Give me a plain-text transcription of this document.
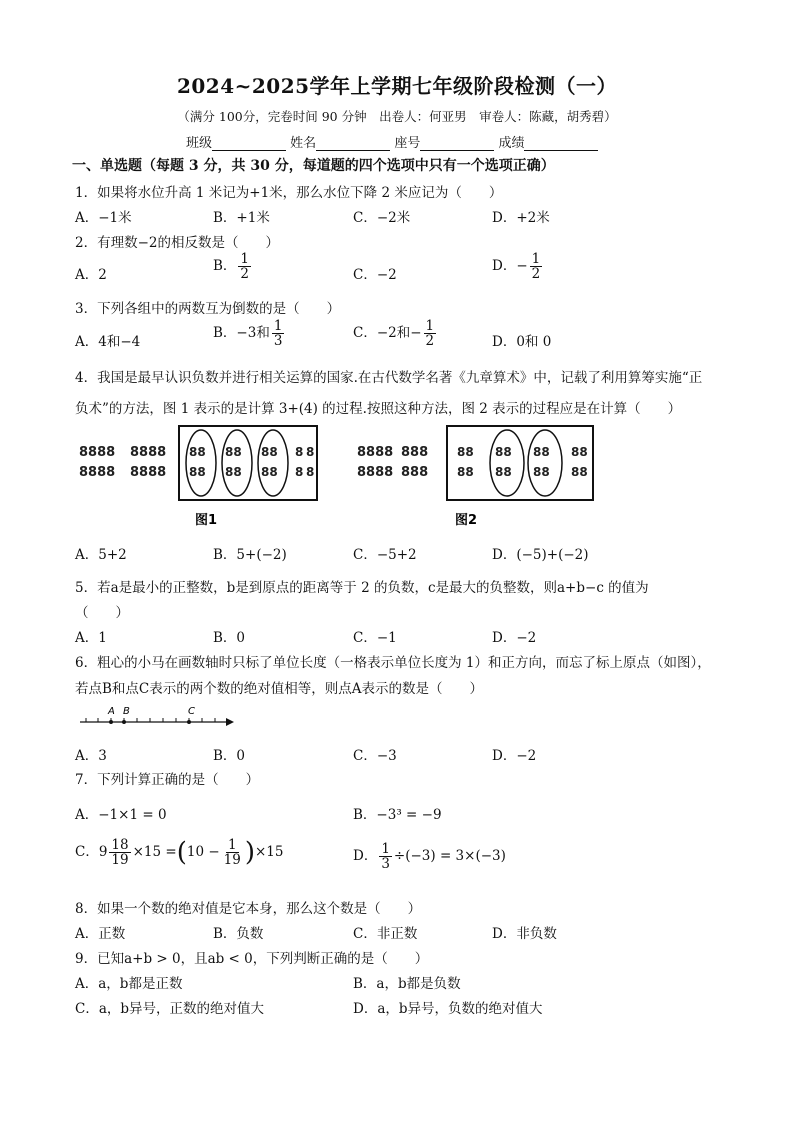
2024~2025学年上学期七年级阶段检测（一）
（满分 100分，完卷时间 90 分钟　出卷人：何亚男　审卷人：陈藏，胡秀碧）
班级	姓名	座号	成绩
一、单选题（每题 3 分，共 30 分，每道题的四个选项中只有一个选项正确）
1．如果将水位升高 1 米记为+1米，那么水位下降 2 米应记为（　　）
A．−1米	B．+1米	C．−2米	D．+2米
2．有理数−2的相反数是（　　）
A．2
B． $\frac{1}{2}$	C．−2
D．− $\frac{1}{2}$
3．下列各组中的两数互为倒数的是（　　）
A．4和−4
B．−3和 $\frac{1}{3}$	C．−2和− $\frac{1}{2}$	D．0和 0
4．我国是最早认识负数并进行相关运算的国家.在古代数学名著《九章算术》中，记载了利用算筹实施“正
负术”的方法，图 1 表示的是计算 3+(4) 的过程.按照这种方法，图 2 表示的过程应是在计算（　　）
8888
8888
8888
8888
88
88
88
88
88
88
8
8
8
8
图1
8888
8888
888
888
88
88
88
88
88
88
88
88
图2
A．5+2	B．5+(−2)	C．−5+2	D．(−5)+(−2)
5．若a是最小的正整数，b是到原点的距离等于 2 的负数，c是最大的负整数，则a+b−c 的值为
（　　）
A．1	B．0	C．−1	D．−2
6．粗心的小马在画数轴时只标了单位长度（一格表示单位长度为 1）和正方向，而忘了标上原点（如图），
若点B和点C表示的两个数的绝对值相等，则点A表示的数是（　　）
A B	C
A．3	B．0	C．−3	D．−2
7．下列计算正确的是（　　）
A．−1×1 = 0	B．−3³ = −9
C．$9 \frac{18}{19} \times 15 =(10 - \frac{1}{19} )\times 15$	D． $\frac{1}{3} \div(-3) = 3\times(-3)$
8．如果一个数的绝对值是它本身，那么这个数是（　　）
A．正数	B．负数	C．非正数	D．非负数
9．已知a+b > 0，且ab < 0，下列判断正确的是（　　）
A．a，b都是正数	B．a，b都是负数
C．a，b异号，正数的绝对值大	D．a，b异号，负数的绝对值大
